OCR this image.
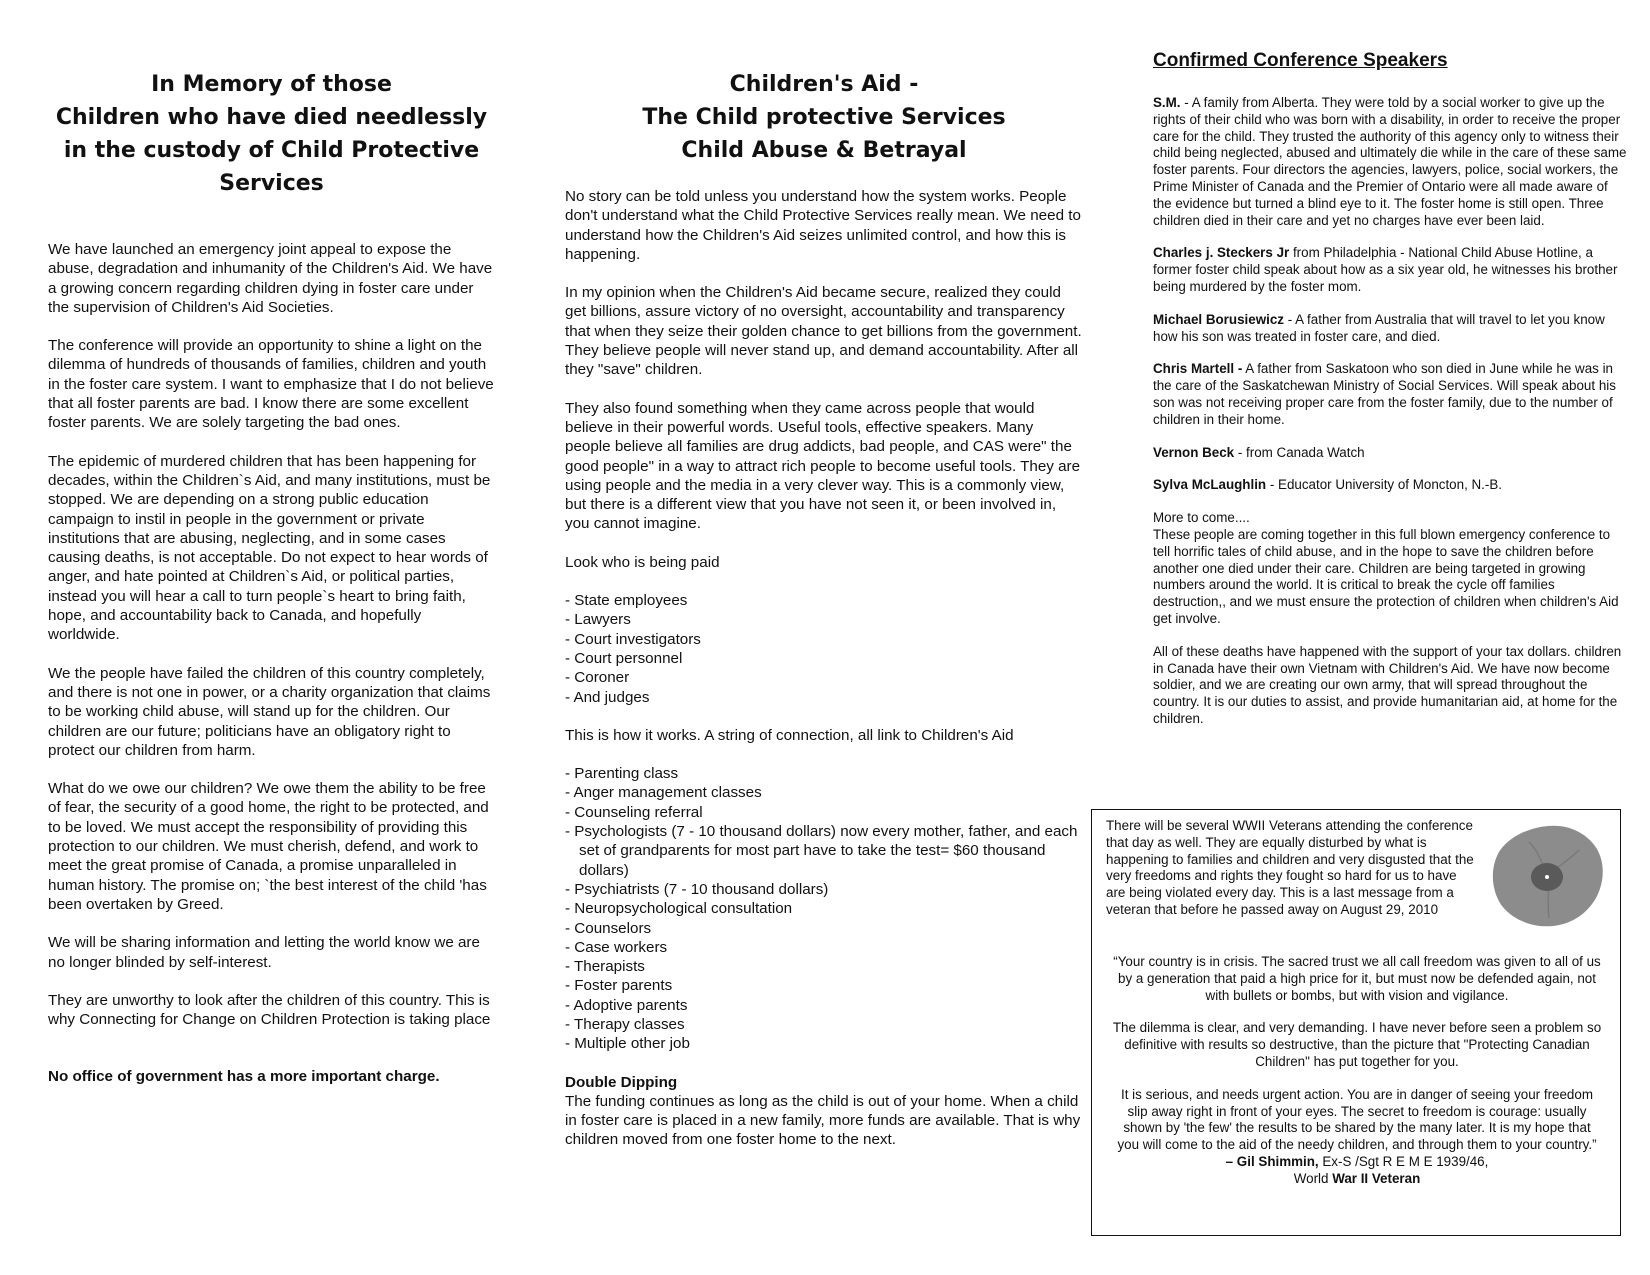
In Memory of those
Children who have died needlessly
in the custody of Child Protective
Services

We have launched an emergency joint appeal to expose the abuse, degradation and inhumanity of the Children's Aid. We have a growing concern regarding children dying in foster care under the supervision of Children's Aid Societies.

The conference will provide an opportunity to shine a light on the dilemma of hundreds of thousands of families, children and youth in the foster care system. I want to emphasize that I do not believe that all foster parents are bad. I know there are some excellent foster parents. We are solely targeting the bad ones.

The epidemic of murdered children that has been happening for decades, within the Children`s Aid, and many institutions, must be stopped. We are depending on a strong public education campaign to instil in people in the government or private institutions that are abusing, neglecting, and in some cases causing deaths, is not acceptable. Do not expect to hear words of anger, and hate pointed at Children`s Aid, or political parties, instead you will hear a call to turn people`s heart to bring faith, hope, and accountability back to Canada, and hopefully worldwide.

We the people have failed the children of this country completely, and there is not one in power, or a charity organization that claims to be working child abuse, will stand up for the children. Our children are our future; politicians have an obligatory right to protect our children from harm.

What do we owe our children? We owe them the ability to be free of fear, the security of a good home, the right to be protected, and to be loved. We must accept the responsibility of providing this protection to our children. We must cherish, defend, and work to meet the great promise of Canada, a promise unparalleled in human history. The promise on; `the best interest of the child 'has been overtaken by Greed.

We will be sharing information and letting the world know we are no longer blinded by self-interest.

They are unworthy to look after the children of this country. This is why Connecting for Change on Children Protection is taking place

No office of government has a more important charge.

Children's Aid -
The Child protective Services
Child Abuse & Betrayal

No story can be told unless you understand how the system works. People don't understand what the Child Protective Services really mean. We need to understand how the Children's Aid seizes unlimited control, and how this is happening.

In my opinion when the Children's Aid became secure, realized they could get billions, assure victory of no oversight, accountability and transparency that when they seize their golden chance to get billions from the government. They believe people will never stand up, and demand accountability. After all they "save" children.

They also found something when they came across people that would believe in their powerful words. Useful tools, effective speakers. Many people believe all families are drug addicts, bad people, and CAS were" the good people" in a way to attract rich people to become useful tools. They are using people and the media in a very clever way. This is a commonly view, but there is a different view that you have not seen it, or been involved in, you cannot imagine.

Look who is being paid

- State employees
- Lawyers
- Court investigators
- Court personnel
- Coroner
- And judges

This is how it works. A string of connection, all link to Children's Aid

- Parenting class
- Anger management classes
- Counseling referral
- Psychologists (7 - 10 thousand dollars) now every mother, father, and each set of grandparents for most part have to take the test= $60 thousand dollars)
- Psychiatrists (7 - 10 thousand dollars)
- Neuropsychological consultation
- Counselors
- Case workers
- Therapists
- Foster parents
- Adoptive parents
- Therapy classes
- Multiple other job
Double Dipping

The funding continues as long as the child is out of your home. When a child in foster care is placed in a new family, more funds are available. That is why children moved from one foster home to the next.

Confirmed Conference Speakers

S.M. - A family from Alberta. They were told by a social worker to give up the rights of their child who was born with a disability, in order to receive the proper care for the child. They trusted the authority of this agency only to witness their child being neglected, abused and ultimately die while in the care of these same foster parents. Four directors the agencies, lawyers, police, social workers, the Prime Minister of Canada and the Premier of Ontario were all made aware of the evidence but turned a blind eye to it. The foster home is still open. Three children died in their care and yet no charges have ever been laid.

Charles j. Steckers Jr from Philadelphia - National Child Abuse Hotline, a former foster child speak about how as a six year old, he witnesses his brother being murdered by the foster mom.

Michael Borusiewicz - A father from Australia that will travel to let you know how his son was treated in foster care, and died.

Chris Martell - A father from Saskatoon who son died in June while he was in the care of the Saskatchewan Ministry of Social Services. Will speak about his son was not receiving proper care from the foster family, due to the number of children in their home.

Vernon Beck - from Canada Watch

Sylva McLaughlin - Educator University of Moncton, N.-B.

More to come....

These people are coming together in this full blown emergency conference to tell horrific tales of child abuse, and in the hope to save the children before another one died under their care. Children are being targeted in growing numbers around the world. It is critical to break the cycle off families destruction,, and we must ensure the protection of children when children's Aid get involve.

All of these deaths have happened with the support of your tax dollars. children in Canada have their own Vietnam with Children's Aid. We have now become soldier, and we are creating our own army, that will spread throughout the country. It is our duties to assist, and provide humanitarian aid, at home for the children.

There will be several WWII Veterans attending the conference that day as well. They are equally disturbed by what is happening to families and children and very disgusted that the very freedoms and rights they fought so hard for us to have are being violated every day. This is a last message from a veteran that before he passed away on August 29, 2010

“Your country is in crisis. The sacred trust we all call freedom was given to all of us by a generation that paid a high price for it, but must now be defended again, not with bullets or bombs, but with vision and vigilance.

The dilemma is clear, and very demanding. I have never before seen a problem so definitive with results so destructive, than the picture that "Protecting Canadian Children" has put together for you.

It is serious, and needs urgent action. You are in danger of seeing your freedom slip away right in front of your eyes. The secret to freedom is courage: usually shown by 'the few' the results to be shared by the many later. It is my hope that you will come to the aid of the needy children, and through them to your country.”

– Gil Shimmin, Ex-S /Sgt R E M E 1939/46,
World War II Veteran
